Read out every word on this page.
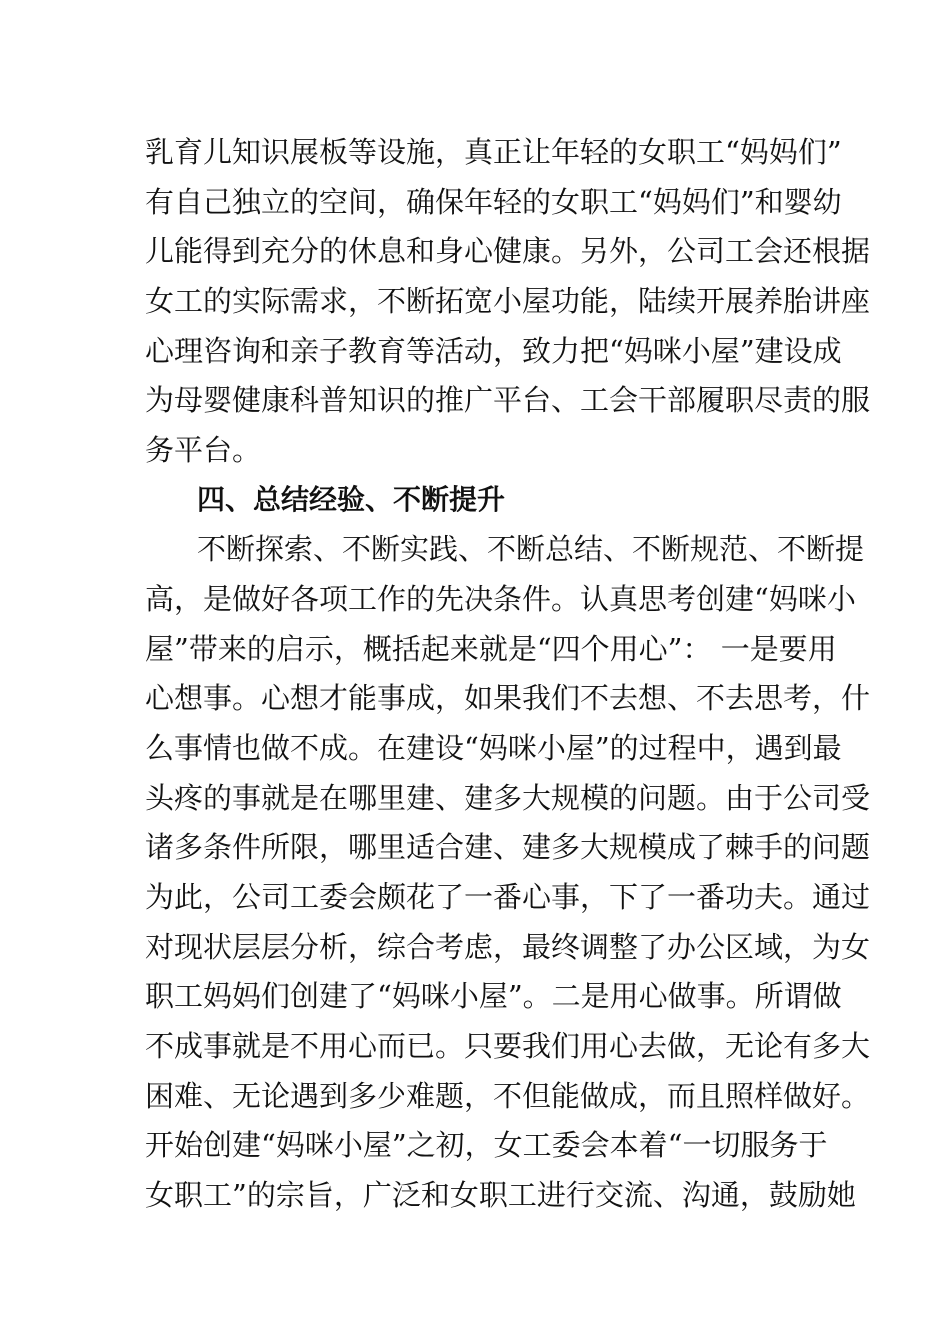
乳育儿知识展板等设施，真正让年轻的女职工“妈妈们”
有自己独立的空间，确保年轻的女职工“妈妈们”和婴幼
儿能得到充分的休息和身心健康。另外，公司工会还根据
女工的实际需求，不断拓宽小屋功能，陆续开展养胎讲座
心理咨询和亲子教育等活动，致力把“妈咪小屋”建设成
为母婴健康科普知识的推广平台、工会干部履职尽责的服
务平台。
四、总结经验、不断提升
不断探索、不断实践、不断总结、不断规范、不断提
高，是做好各项工作的先决条件。认真思考创建“妈咪小
屋”带来的启示，概括起来就是“四个用心”： 一是要用
心想事。心想才能事成，如果我们不去想、不去思考，什
么事情也做不成。在建设“妈咪小屋”的过程中，遇到最
头疼的事就是在哪里建、建多大规模的问题。由于公司受
诸多条件所限，哪里适合建、建多大规模成了棘手的问题
为此，公司工委会颇花了一番心事，下了一番功夫。通过
对现状层层分析，综合考虑，最终调整了办公区域，为女
职工妈妈们创建了“妈咪小屋”。二是用心做事。所谓做
不成事就是不用心而已。只要我们用心去做，无论有多大
困难、无论遇到多少难题，不但能做成，而且照样做好。
开始创建“妈咪小屋”之初，女工委会本着“一切服务于
女职工”的宗旨，广泛和女职工进行交流、沟通，鼓励她
